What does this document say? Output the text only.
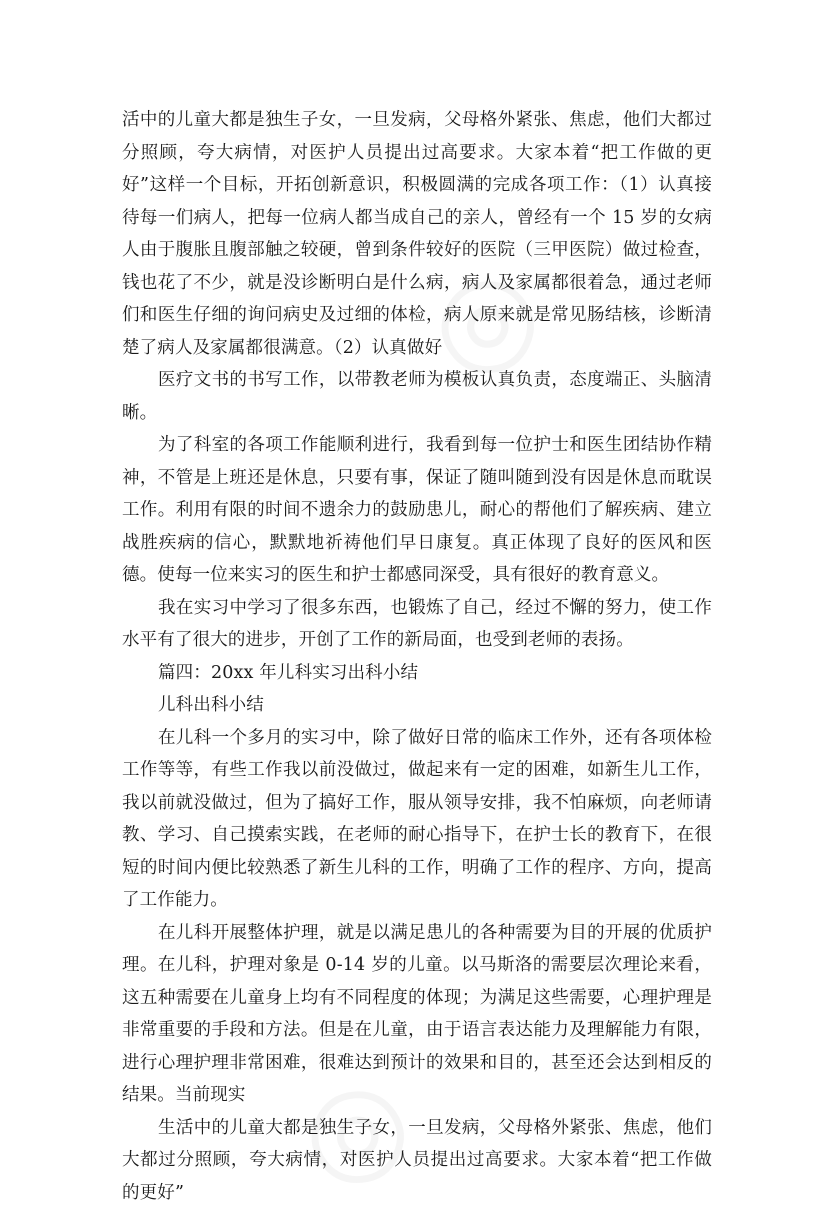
◎
◎

活中的儿童大都是独生子女，一旦发病，父母格外紧张、焦虑，他们大都过分照顾，夸大病情，对医护人员提出过高要求。大家本着“把工作做的更好”这样一个目标，开拓创新意识，积极圆满的完成各项工作：（1）认真接待每一们病人，把每一位病人都当成自己的亲人，曾经有一个 15 岁的女病人由于腹胀且腹部触之较硬，曾到条件较好的医院（三甲医院）做过检查，钱也花了不少，就是没诊断明白是什么病，病人及家属都很着急，通过老师们和医生仔细的询问病史及过细的体检，病人原来就是常见肠结核，诊断清楚了病人及家属都很满意。（2）认真做好

医疗文书的书写工作，以带教老师为模板认真负责，态度端正、头脑清晰。

为了科室的各项工作能顺利进行，我看到每一位护士和医生团结协作精神，不管是上班还是休息，只要有事，保证了随叫随到没有因是休息而耽误工作。利用有限的时间不遗余力的鼓励患儿，耐心的帮他们了解疾病、建立战胜疾病的信心，默默地祈祷他们早日康复。真正体现了良好的医风和医德。使每一位来实习的医生和护士都感同深受，具有很好的教育意义。

我在实习中学习了很多东西，也锻炼了自己，经过不懈的努力，使工作水平有了很大的进步，开创了工作的新局面，也受到老师的表扬。

篇四：20xx 年儿科实习出科小结

儿科出科小结

在儿科一个多月的实习中，除了做好日常的临床工作外，还有各项体检工作等等，有些工作我以前没做过，做起来有一定的困难，如新生儿工作，我以前就没做过，但为了搞好工作，服从领导安排，我不怕麻烦，向老师请教、学习、自己摸索实践，在老师的耐心指导下，在护士长的教育下，在很短的时间内便比较熟悉了新生儿科的工作，明确了工作的程序、方向，提高了工作能力。

在儿科开展整体护理，就是以满足患儿的各种需要为目的开展的优质护理。在儿科，护理对象是 0-14 岁的儿童。以马斯洛的需要层次理论来看，这五种需要在儿童身上均有不同程度的体现；为满足这些需要，心理护理是非常重要的手段和方法。但是在儿童，由于语言表达能力及理解能力有限，进行心理护理非常困难，很难达到预计的效果和目的，甚至还会达到相反的结果。当前现实

生活中的儿童大都是独生子女，一旦发病，父母格外紧张、焦虑，他们大都过分照顾，夸大病情，对医护人员提出过高要求。大家本着“把工作做的更好”
